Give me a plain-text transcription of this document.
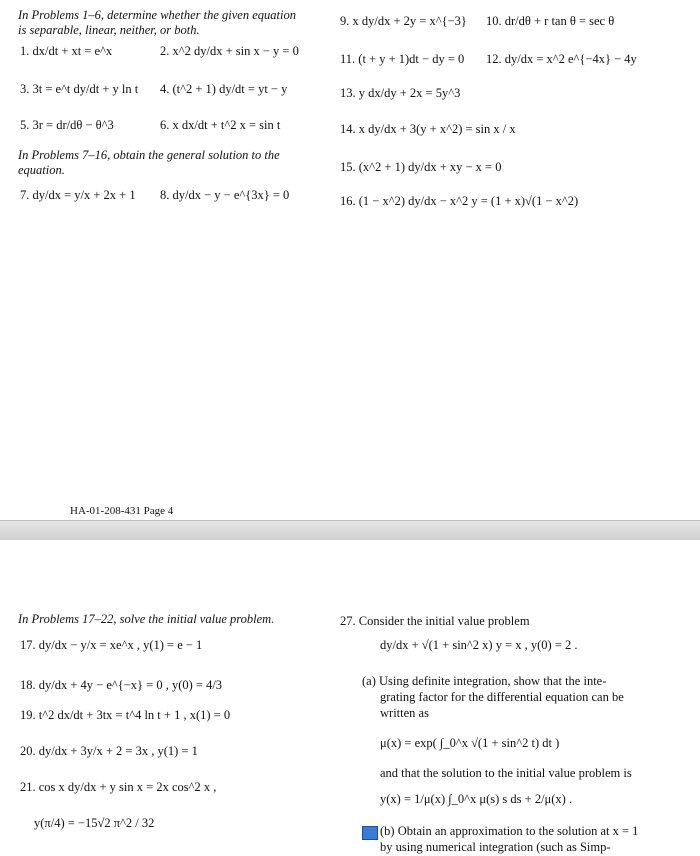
In Problems 1–6, determine whether the given equation
is separable, linear, neither, or both.
1. dx/dt + xt = e^x	2. x^2 dy/dx + sin x − y = 0
3. 3t = e^t dy/dt + y ln t 4. (t^2 + 1) dy/dt = yt − y
5. 3r = dr/dθ − θ^3	6. x dx/dt + t^2 x = sin t
In Problems 7–16, obtain the general solution to the
equation.
7. dy/dx = y/x + 2x + 1 8. dy/dx − y − e^{3x} = 0
9. x dy/dx + 2y = x^{−3} 10. dr/dθ + r tan θ = sec θ
11. (t + y + 1)dt − dy = 0 12. dy/dx = x^2 e^{−4x} − 4y
13. y dx/dy + 2x = 5y^3
14. x dy/dx + 3(y + x^2) = sin x / x
15. (x^2 + 1) dy/dx + xy − x = 0
16. (1 − x^2) dy/dx − x^2 y = (1 + x)√(1 − x^2)
HA-01-208-431 Page 4
In Problems 17–22, solve the initial value problem.
17. dy/dx − y/x = xe^x , y(1) = e − 1
18. dy/dx + 4y − e^{−x} = 0 , y(0) = 4/3
19. t^2 dx/dt + 3tx = t^4 ln t + 1 , x(1) = 0
20. dy/dx + 3y/x + 2 = 3x , y(1) = 1
21. cos x dy/dx + y sin x = 2x cos^2 x ,
y(π/4) = −15√2 π^2 / 32
27. Consider the initial value problem
dy/dx + √(1 + sin^2 x) y = x , y(0) = 2 .
(a) Using definite integration, show that the inte-
grating factor for the differential equation can be
written as
μ(x) = exp( ∫_0^x √(1 + sin^2 t) dt )
and that the solution to the initial value problem is
y(x) = 1/μ(x) ∫_0^x μ(s) s ds + 2/μ(x) .
(b) Obtain an approximation to the solution at x = 1
by using numerical integration (such as Simp-
